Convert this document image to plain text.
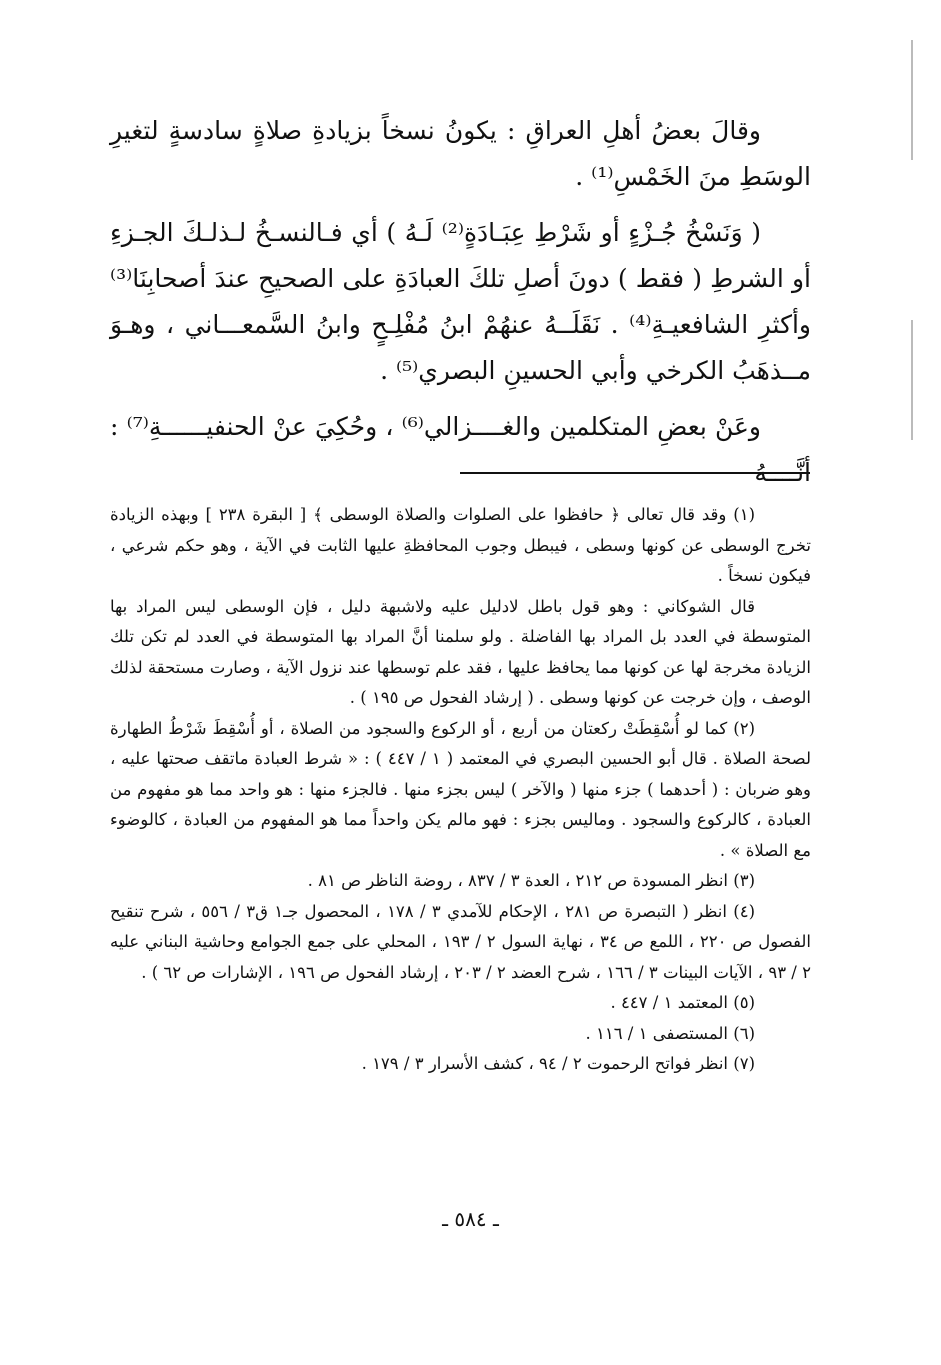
وقالَ بعضُ أهلِ العراقِ : يكونُ نسخاً بزيادةِ صلاةٍ سادسةٍ لتغيرِ الوسَطِ منَ الخَمْسِ⁽¹⁾ .

( وَنَسْخُ جُـزْءٍ أو شَرْطِ عِبَـادَةٍ⁽²⁾ لَـهُ ) أي فـالنسـخُ لـذلـكَ الجـزءِ أو الشرطِ ( فقط ) دونَ أصلِ تلكَ العبادَةِ على الصحيحِ عندَ أصحابِنَا⁽³⁾ وأكثرِ الشافعيـةِ⁽⁴⁾ . نَقَلَــهُ عنهُمْ ابنُ مُفْلِـحٍ وابنُ السَّمعـــاني ، وهـوَ مــذهَبُ الكرخي وأبي الحسينِ البصري⁽⁵⁾ .

وعَنْ بعضِ المتكلمين والغــــزالي⁽⁶⁾ ، وحُكِيَ عنْ الحنفيــــــةِ⁽⁷⁾ : أنَّــــهُ

(١) وقد قال تعالى ﴿ حافظوا على الصلوات والصلاة الوسطى ﴾ [ البقرة ٢٣٨ ] وبهذه الزيادة تخرج الوسطى عن كونها وسطى ، فيبطل وجوب المحافظةِ عليها الثابت في الآية ، وهو حكم شرعي ، فيكون نسخاً .

قال الشوكاني : وهو قول باطل لادليل عليه ولاشبهة دليل ، فإن الوسطى ليس المراد بها المتوسطة في العدد بل المراد بها الفاضلة . ولو سلمنا أنَّ المراد بها المتوسطة في العدد لم تكن تلك الزيادة مخرجة لها عن كونها مما يحافظ عليها ، فقد علم توسطها عند نزول الآية ، وصارت مستحقة لذلك الوصف ، وإن خرجت عن كونها وسطى . ( إرشاد الفحول ص ١٩٥ ) .

(٢) كما لو أُسْقِطَتْ ركعتان من أربع ، أو الركوع والسجود من الصلاة ، أو أُسْقِطَ شَرْطُ الطهارة لصحة الصلاة . قال أبو الحسين البصري في المعتمد ( ١ / ٤٤٧ ) : « شرط العبادة ماتقف صحتها عليه ، وهو ضربان : ( أحدهما ) جزء منها ( والآخر ) ليس بجزء منها . فالجزء منها : هو واحد مما هو مفهوم من العبادة ، كالركوع والسجود . ومالیس بجزء : فهو مالم يكن واحداً مما هو المفهوم من العبادة ، كالوضوء مع الصلاة » .

(٣) انظر المسودة ص ٢١٢ ، العدة ٣ / ٨٣٧ ، روضة الناظر ص ٨١ .

(٤) انظر ( التبصرة ص ٢٨١ ، الإحكام للآمدي ٣ / ١٧٨ ، المحصول جـ١ ق٣ / ٥٥٦ ، شرح تنقيح الفصول ص ٢٢٠ ، اللمع ص ٣٤ ، نهاية السول ٢ / ١٩٣ ، المحلي على جمع الجوامع وحاشية البناني عليه ٢ / ٩٣ ، الآيات البينات ٣ / ١٦٦ ، شرح العضد ٢ / ٢٠٣ ، إرشاد الفحول ص ١٩٦ ، الإشارات ص ٦٢ ) .

(٥) المعتمد ١ / ٤٤٧ .

(٦) المستصفى ١ / ١١٦ .

(٧) انظر فواتح الرحموت ٢ / ٩٤ ، كشف الأسرار ٣ / ١٧٩ .

ـ ٥٨٤ ـ
